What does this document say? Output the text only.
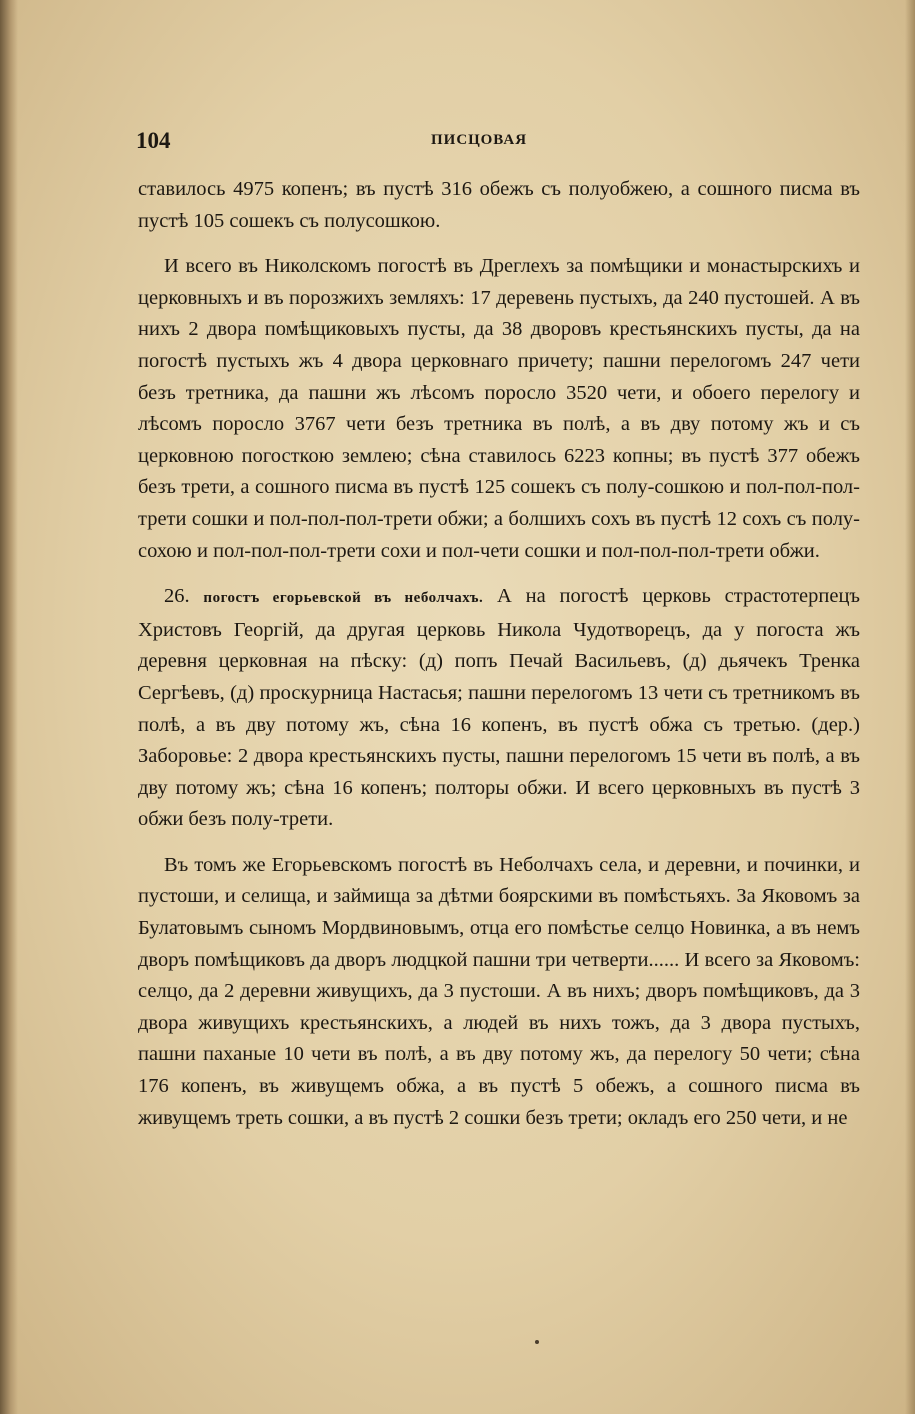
104	ПИСЦОВАЯ

ставилось 4975 копенъ; въ пустѣ 316 обежъ съ полуобжею, а сошного писма въ пустѣ 105 сошекъ съ полусошкою.

И всего въ Николскомъ погостѣ въ Дреглехъ за помѣщики и монастырскихъ и церковныхъ и въ порозжихъ земляхъ: 17 деревень пустыхъ, да 240 пустошей. А въ нихъ 2 двора помѣщиковыхъ пусты, да 38 дворовъ крестьянскихъ пусты, да на погостѣ пустыхъ жъ 4 двора церковнаго причету; пашни перелогомъ 247 чети безъ третника, да пашни жъ лѣсомъ поросло 3520 чети, и обоего перелогу и лѣсомъ поросло 3767 чети безъ третника въ полѣ, а въ дву потому жъ и съ церковною погосткою землею; сѣна ставилось 6223 копны; въ пустѣ 377 обежъ безъ трети, а сошного писма въ пустѣ 125 сошекъ съ полу-сошкою и пол-пол-пол-трети сошки и пол-пол-пол-трети обжи; а болшихъ сохъ въ пустѣ 12 сохъ съ полу-сохою и пол-пол-пол-трети сохи и пол-чети сошки и пол-пол-пол-трети обжи.

26. погостъ егорьевской въ неболчахъ. А на погостѣ церковь страстотерпецъ Христовъ Георгій, да другая церковь Никола Чудотворецъ, да у погоста жъ деревня церковная на пѣску: (д) попъ Печай Васильевъ, (д) дьячекъ Тренка Сергѣевъ, (д) проскурница Настасья; пашни перелогомъ 13 чети съ третникомъ въ полѣ, а въ дву потому жъ, сѣна 16 копенъ, въ пустѣ обжа съ третью. (дер.) Заборовье: 2 двора крестьянскихъ пусты, пашни перелогомъ 15 чети въ полѣ, а въ дву потому жъ; сѣна 16 копенъ; полторы обжи. И всего церковныхъ въ пустѣ 3 обжи безъ полу-трети.

Въ томъ же Егорьевскомъ погостѣ въ Неболчахъ села, и деревни, и починки, и пустоши, и селища, и займища за дѣтми боярскими въ помѣстьяхъ. За Яковомъ за Булатовымъ сыномъ Мордвиновымъ, отца его помѣстье селцо Новинка, а въ немъ дворъ помѣщиковъ да дворъ людцкой пашни три четверти...... И всего за Яковомъ: селцо, да 2 деревни живущихъ, да 3 пустоши. А въ нихъ; дворъ помѣщиковъ, да 3 двора живущихъ крестьянскихъ, а людей въ нихъ тожъ, да 3 двора пустыхъ, пашни паханые 10 чети въ полѣ, а въ дву потому жъ, да перелогу 50 чети; сѣна 176 копенъ, въ живущемъ обжа, а въ пустѣ 5 обежъ, а сошного писма въ живущемъ треть сошки, а въ пустѣ 2 сошки безъ трети; окладъ его 250 чети, и не
